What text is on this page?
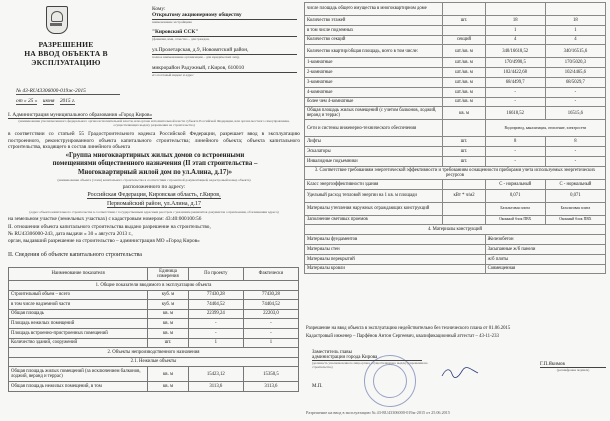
РАЗРЕШЕНИЕ
НА ВВОД ОБЪЕКТА В
ЭКСПЛУАТАЦИЮ
№ 43-RU43306000-019ж-2015
от « 25 » июня 2015 г.
Кому:
Открытому акционерному обществу
наименование застройщика
"Кировский ССК"
(фамилия, имя, отчество – для граждан,
ул.Пролетарская, д.9, Нововятский район,
полное наименование организации – для юридических лиц),
микрорайон Радужный, г.Киров, 610010
его почтовый индекс и адрес
I. Администрация муниципального образования «Город Киров»
(наименование уполномоченного федерального органа исполнительной власти, или органа исполнительной власти субъекта Российской Федерации, или органа местного самоуправления, осуществляющих выдачу разрешения на строительство)
в соответствии со статьей 55 Градостроительного кодекса Российской Федерации, разрешает ввод в эксплуатацию построенного, реконструированного объекта капитального строительства; линейного объекта; объекта капитального строительства, входящего в состав линейного объекта
«Группа многоквартирных жилых домов со встроенными
помещениями общественного назначения (II этап строительства –
Многоквартирный жилой дом по ул.Алина, д.17)»
(наименование объекта (этапа) капитального строительства в соответствии с проектной документацией, кадастровый номер объекта)
расположенного по адресу:
Российская Федерация, Кировская область, г.Киров,
Первомайский район, ул.Алина, д.17
(адрес объекта капитального строительства в соответствии с государственным адресным реестром с указанием реквизитов документов о присвоении, об изменении адреса)
на земельном участке (земельных участках) с кадастровым номером: 43:40:000100:56
II. отношении объекта капитального строительства выдано разрешение на строительство,
№ RU43306000-243, дата выдачи « 30 » августа 2013 г.,
орган, выдавший разрешение на строительство – администрация МО «Город Киров»
II. Сведения об объекте капитального строительства
Наименование показателя	Единица измерения	По проекту	Фактически
1. Общие показатели вводимого в эксплуатацию объекта			
Строительный объем – всего	куб. м	77430,28	77430,28
в том числе надземной части	куб. м	74404,52	74404,52
Общая площадь	кв. м	22399,24	22203,0
Площадь нежилых помещений	кв. м	-	-
Площадь встроенно-пристроенных помещений	кв. м	-	-
Количество зданий, сооружений	шт.	1	1
2. Объекты непроизводственного назначения			
2.1. Нежилые объекты			
Общая площадь жилых помещений (за исключением балконов, лоджий, веранд и террас)	кв. м	15423,12	15350,5
Общая площадь нежилых помещений, в том	кв. м	3113,6	3113,6
числе площадь общего имущества в многоквартирном доме			
Количество этажей	шт.	18	18
в том числе подземных		1	1
Количество секций	секций	4	4
Количество квартир/общая площадь, всего в том числе:	шт./кв. м	340/16618,52	340/16515,6
1-комнатные	шт./кв. м	170/4990,5	170/5020,3
2-комнатные	шт./кв. м	102/4422,68	102/4465,6
3-комнатные	шт./кв. м	68/4499,7	68/5029,7
4-комнатные	шт./кв. м	-	-
более чем 4-комнатные	шт./кв. м	-	-
Общая площадь жилых помещений (с учетом балконов, лоджий, веранд и террас)	кв. м	16618,52	16515,6
Сети и системы инженерно-технического обеспечения		Водопровод, канализация, отопление, электросети	
Лифты	шт.	8	8
Эскалаторы	шт.	-	-
Инвалидные подъемники	шт.	-	-
3. Соответствие требованиям энергетической эффективности и требованиям оснащенности приборами учета используемых энергетических ресурсов			
Класс энергоэффективности здания		С - нормальный	С - нормальный
Удельный расход тепловой энергии на 1 кв. м площади	кВт * ч/м2	0,071	0,071
Материалы утепления наружных ограждающих конструкций		Базальтовая плита	Базальтовая плита
Заполнение световых проемов		Оконный блок ПВХ	Оконный блок ПВХ
4. Материалы конструкций			
Материалы фундаментов		Железобетон	
Материалы стен		Засыпанные ж/б панели	
Материалы перекрытий		ж/б плиты	
Материалы кровли		Совмещенная	
Разрешение на ввод объекта в эксплуатацию недействительно без технического плана от 01.06.2015
Кадастровый инженер – Парфёнов Антон Сергеевич, квалификационный аттестат – 43-11-233
Заместитель главы
администрации города Кирова
(должность уполномоченного лица органа, осуществляющего выдачу разрешения на строительство)
М.П.
Г.П.Якимов
(расшифровка подписи)
Разрешение на ввод в эксплуатацию № 43-RU43306000-019ж-2015 от 25.06.2015
